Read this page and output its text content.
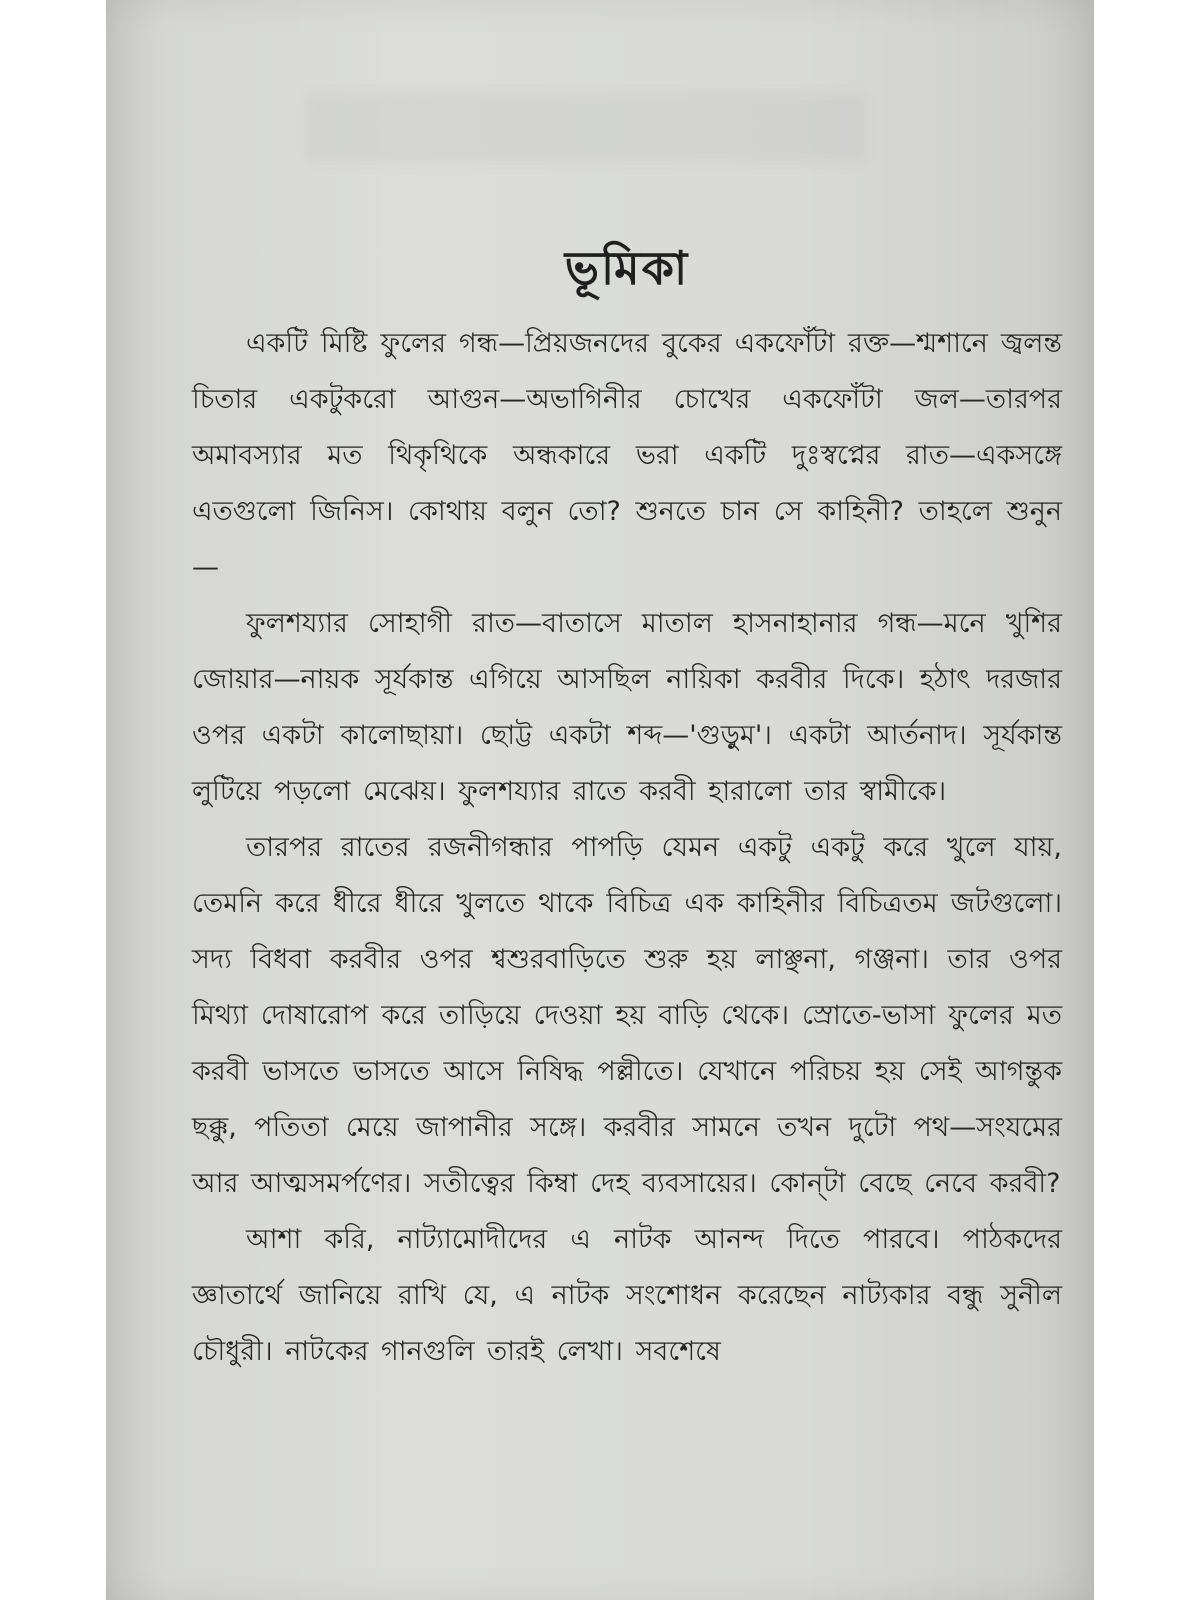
ভূমিকা

একটি মিষ্টি ফুলের গন্ধ—প্রিয়জনদের বুকের একফোঁটা রক্ত—শ্মশানে জ্বলন্ত চিতার একটুকরো আগুন—অভাগিনীর চোখের একফোঁটা জল—তারপর অমাবস্যার মত থিকৃথিকে অন্ধকারে ভরা একটি দুঃস্বপ্নের রাত—একসঙ্গে এতগুলো জিনিস। কোথায় বলুন তো? শুনতে চান সে কাহিনী? তাহলে শুনুন—

ফুলশয্যার সোহাগী রাত—বাতাসে মাতাল হাসনাহানার গন্ধ—মনে খুশির জোয়ার—নায়ক সূর্যকান্ত এগিয়ে আসছিল নায়িকা করবীর দিকে। হঠাৎ দরজার ওপর একটা কালোছায়া। ছোট্ট একটা শব্দ—'গুড়ুম'। একটা আর্তনাদ। সূর্যকান্ত লুটিয়ে পড়লো মেঝেয়। ফুলশয্যার রাতে করবী হারালো তার স্বামীকে।

তারপর রাতের রজনীগন্ধার পাপড়ি যেমন একটু একটু করে খুলে যায়, তেমনি করে ধীরে ধীরে খুলতে থাকে বিচিত্র এক কাহিনীর বিচিত্রতম জটগুলো। সদ্য বিধবা করবীর ওপর শ্বশুরবাড়িতে শুরু হয় লাঞ্ছনা, গঞ্জনা। তার ওপর মিথ্যা দোষারোপ করে তাড়িয়ে দেওয়া হয় বাড়ি থেকে। স্রোতে-ভাসা ফুলের মত করবী ভাসতে ভাসতে আসে নিষিদ্ধ পল্লীতে। যেখানে পরিচয় হয় সেই আগন্তুক ছক্কু, পতিতা মেয়ে জাপানীর সঙ্গে। করবীর সামনে তখন দুটো পথ—সংযমের আর আত্মসমর্পণের। সতীত্বের কিম্বা দেহ ব্যবসায়ের। কোন্‌টা বেছে নেবে করবী?

আশা করি, নাট্যামোদীদের এ নাটক আনন্দ দিতে পারবে। পাঠকদের জ্ঞাতার্থে জানিয়ে রাখি যে, এ নাটক সংশোধন করেছেন নাট্যকার বন্ধু সুনীল চৌধুরী। নাটকের গানগুলি তারই লেখা। সবশেষে
